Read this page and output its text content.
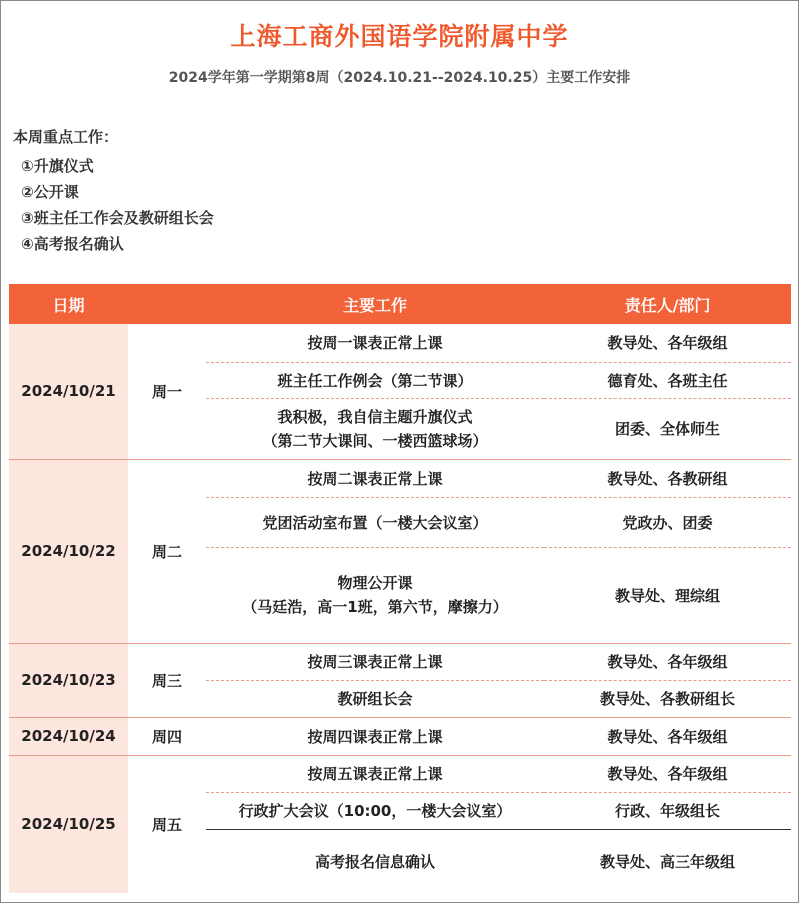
上海工商外国语学院附属中学
2024学年第一学期第8周（2024.10.21--2024.10.25）主要工作安排
本周重点工作：
①升旗仪式
②公开课
③班主任工作会及教研组长会
④高考报名确认
日期		主要工作	责任人/部门
2024/10/21	周一	按周一课表正常上课	教导处、各年级组
		班主任工作例会（第二节课）	德育处、各班主任

		我积极，我自信主题升旗仪式
（第二节大课间、一楼西篮球场）	团委、全体师生
2024/10/22	周二	按周二课表正常上课	教导处、各教研组
		党团活动室布置（一楼大会议室）	党政办、团委

		物理公开课
（马廷浩，高一1班，第六节，摩擦力）	教导处、理综组
2024/10/23	周三	按周三课表正常上课	教导处、各年级组
		教研组长会	教导处、各教研组长
2024/10/24	周四	按周四课表正常上课	教导处、各年级组
2024/10/25	周五	按周五课表正常上课	教导处、各年级组
		行政扩大会议（10:00，一楼大会议室）	行政、年级组长
		高考报名信息确认	教导处、高三年级组
